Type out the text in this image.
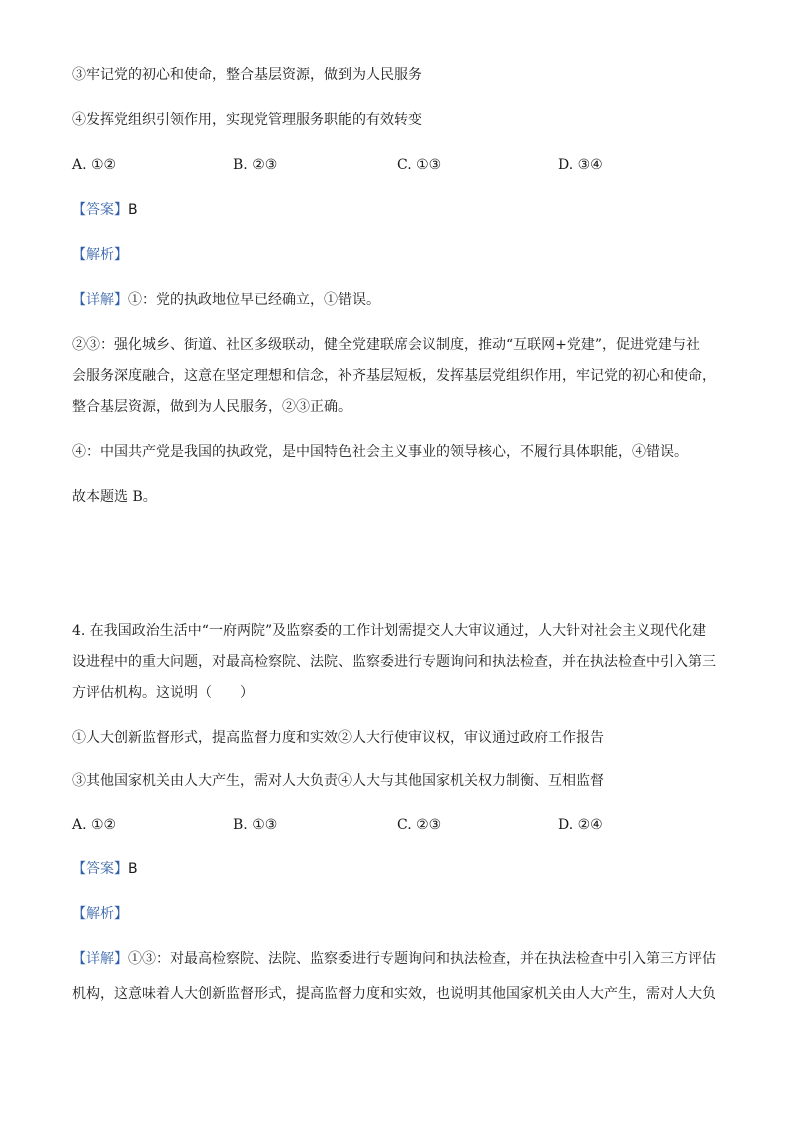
③牢记党的初心和使命，整合基层资源，做到为人民服务
④发挥党组织引领作用，实现党管理服务职能的有效转变
A. ①②	B. ②③	C. ①③	D. ③④
【答案】B
【解析】
【详解】①：党的执政地位早已经确立，①错误。
②③：强化城乡、街道、社区多级联动，健全党建联席会议制度，推动“互联网+党建”，促进党建与社
会服务深度融合，这意在坚定理想和信念，补齐基层短板，发挥基层党组织作用，牢记党的初心和使命，
整合基层资源，做到为人民服务，②③正确。
④：中国共产党是我国的执政党，是中国特色社会主义事业的领导核心，不履行具体职能，④错误。
故本题选 B。
4. 在我国政治生活中“一府两院”及监察委的工作计划需提交人大审议通过，人大针对社会主义现代化建
设进程中的重大问题，对最高检察院、法院、监察委进行专题询问和执法检查，并在执法检查中引入第三
方评估机构。这说明（　　）
①人大创新监督形式，提高监督力度和实效②人大行使审议权，审议通过政府工作报告
③其他国家机关由人大产生，需对人大负责④人大与其他国家机关权力制衡、互相监督
A. ①②	B. ①③	C. ②③	D. ②④
【答案】B
【解析】
【详解】①③：对最高检察院、法院、监察委进行专题询问和执法检查，并在执法检查中引入第三方评估
机构，这意味着人大创新监督形式，提高监督力度和实效，也说明其他国家机关由人大产生，需对人大负
